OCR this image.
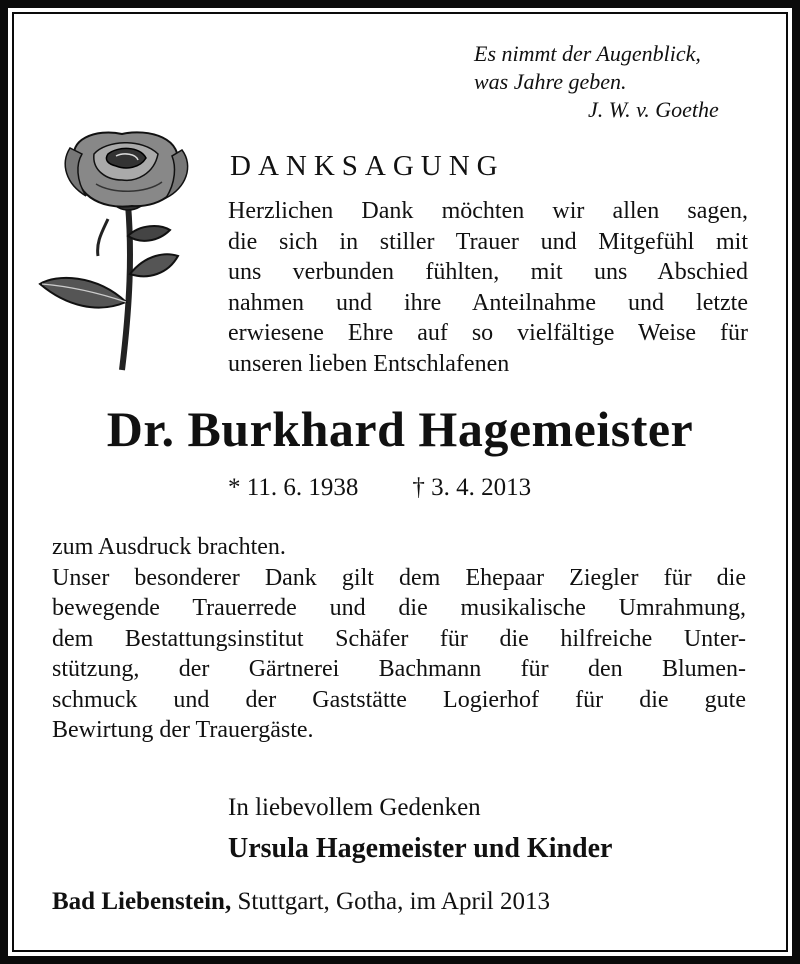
Es nimmt der Augenblick,
was Jahre geben.
J. W. v. Goethe
DANKSAGUNG
Herzlichen Dank möchten wir allen sagen,
die sich in stiller Trauer und Mitgefühl mit
uns verbunden fühlten, mit uns Abschied
nahmen und ihre Anteilnahme und letzte
erwiesene Ehre auf so vielfältige Weise für
unseren lieben Entschlafenen
Dr. Burkhard Hagemeister
* 11. 6. 1938 † 3. 4. 2013
zum Ausdruck brachten.
Unser besonderer Dank gilt dem Ehepaar Ziegler für die
bewegende Trauerrede und die musikalische Umrahmung,
dem Bestattungsinstitut Schäfer für die hilfreiche Unter-
stützung, der Gärtnerei Bachmann für den Blumen-
schmuck und der Gaststätte Logierhof für die gute
Bewirtung der Trauergäste.
In liebevollem Gedenken
Ursula Hagemeister und Kinder
Bad Liebenstein, Stuttgart, Gotha, im April 2013
